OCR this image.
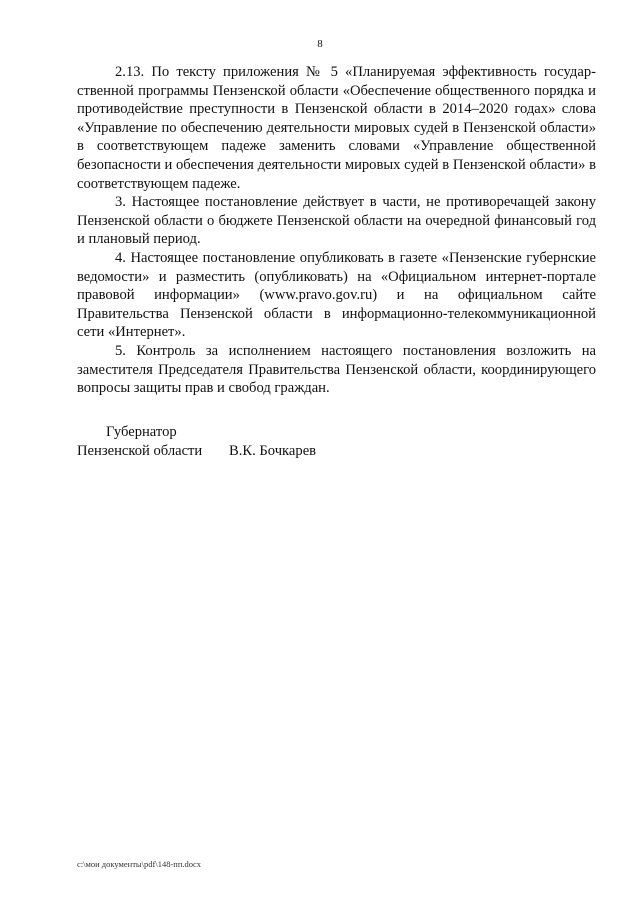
8

2.13. По тексту приложения № 5 «Планируемая эффективность государ-ственной программы Пензенской области «Обеспечение общественного порядка и противодействие преступности в Пензенской области в 2014–2020 годах» слова «Управление по обеспечению деятельности мировых судей в Пензенской области» в соответствующем падеже заменить словами «Управление общественной безопасности и обеспечения деятельности мировых судей в Пензенской области» в соответствующем падеже.

3. Настоящее постановление действует в части, не противоречащей закону Пензенской области о бюджете Пензенской области на очередной финансовый год и плановый период.

4. Настоящее постановление опубликовать в газете «Пензенские губернские ведомости» и разместить (опубликовать) на «Официальном интернет-портале правовой информации» (www.pravo.gov.ru) и на официальном сайте Правительства Пензенской области в информационно-телекоммуникационной сети «Интернет».

5. Контроль за исполнением настоящего постановления возложить на заместителя Председателя Правительства Пензенской области, координирующего вопросы защиты прав и свобод граждан.

Губернатор
Пензенской области	В.К. Бочкарев
c:\мои документы\pdf\148-пп.docx
